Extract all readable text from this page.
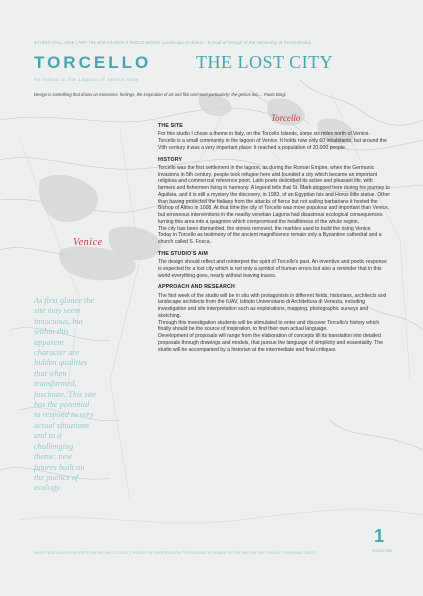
STUDIO FALL 2006 | ARP 751-B/M STUDIO II PAOLO BÜRGI Landscape Architect - School of Design of the University of Pennsylvania
TORCELLO THE LOST CITY
An Island in the Lagoon of Venice Italy
Design is something that draws on memories, feelings, the inspiration of art and film and most particularly: the genius loci.... Paolo Bürgi
Torcello
Venice
As first glance the site may seem innocuous, but within this apparent character are hidden qualities that when transformed, fascinate. This site has the potential to respond to very actual situations and to a challenging theme: new futures built on the poetics of ecology.
THE SITE

For this studio I chose a theme in Italy, on the Torcello Islands, some six miles north of Venice.
Torcello is a small community in the lagoon of Venice. It holds now only 60 inhabitants, but around the VIth century it was a very important place: it reached a population of 20.000 people.

HISTORY

Torcello was the first settlement in the lagoon, as during the Roman Empire, when the Germanic invasions in 5th century, people took refugee here and founded a city which became an important religious and commercial reference point. Latin poets described its active and pleasant life, with farmers and fishermen living in harmony. A legend tells that St. Mark stopped here during his journey to Aquileia, and it is still a mystery the discovery, in 1983, of an Egyptian Isis and Horus little statue. Other than having protected the Italians from the attacks of fierce but not sailing barbarians it hosted the Bishop of Altino in 1008. At that time the city of Torcello was more populous and important than Venice, but erroneous interventions in the nearby venetian Laguna had disastrous ecological consequences turning this area into a quagmire which compromised the healthiness of the whole region.
The city has been dismantled, the stones removed, the marbles used to build the rising Venice.
Today in Torcello as testimony of the ancient magnificence remain only a Byzantine cathedral and a church called S. Fosca.

THE STUDIO'S AIM

The design should reflect and reinterpret the spirit of Torcello's past. An inventive and poetic response is expected for a lost city which is not only a symbol of human errors but also a reminder that in this world everything goes, nearly without leaving traces.

APPROACH AND RESEARCH

The first week of the studio will be in situ with protagonists in different fields, historians, architects and landscape architects from the IUAV, Istituto Universitario di Architettura di Venezia, including investigation and site interpretation such as explorations, mapping, photographic surveys and sketching.
Through this investigation students will be stimulated to enter and discover Torcello's history which finally should be the source of inspiration, to find their own actual language.
Development of proposals will range from the elaboration of concepts till its translation into detailed proposals through drawings and models, that pursue the language of simplicity and essentiality. The studio will be accompanied by a historian at the intermediate and final critiques.

INVESTIGATIONS IN PERCEPTION: WE WILL COLLECT POINTS OF OBSERVATION TO PROVOKE A CHANGE IN THE WAY WE SEE THINGS, FORM AND SPACE
1
STUDIO 2006
